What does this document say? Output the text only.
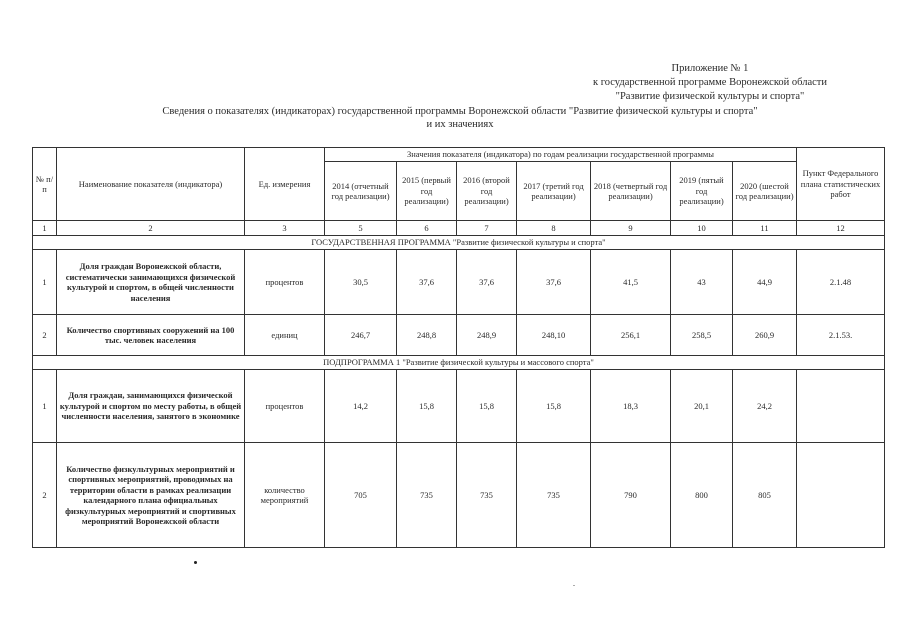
Приложение № 1
к государственной программе Воронежской области
"Развитие физической культуры и спорта"
Сведения о показателях (индикаторах) государственной программы Воронежской области "Развитие физической культуры и спорта"
и их значениях
№ п/п	Наименование показателя (индикатора)	Ед. измерения	Значения показателя (индикатора) по годам реализации государственной программы							Пункт Федерального плана статистических работ
			2014 (отчетный год реализации)	2015 (первый год реализации)	2016 (второй год реализации)	2017 (третий год реализации)	2018 (четвертый год реализации)	2019 (пятый год реализации)	2020 (шестой год реализации)	
1	2	3	5	6	7	8	9	10	11	12
ГОСУДАРСТВЕННАЯ ПРОГРАММА "Развитие физической культуры и спорта"										
1	Доля граждан Воронежской области, систематически занимающихся физической культурой и спортом, в общей численности населения	процентов	30,5	37,6	37,6	37,6	41,5	43	44,9	2.1.48
2	Количество спортивных сооружений на 100 тыс. человек населения	единиц	246,7	248,8	248,9	248,10	256,1	258,5	260,9	2.1.53.
ПОДПРОГРАММА 1 "Развитие физической культуры и массового спорта"										
1	Доля граждан, занимающихся физической культурой и спортом по месту работы, в общей численности населения, занятого в экономике	процентов	14,2	15,8	15,8	15,8	18,3	20,1	24,2	
2	Количество физкультурных мероприятий и спортивных мероприятий, проводимых на территории области в рамках реализации календарного плана официальных физкультурных мероприятий и спортивных мероприятий Воронежской области	количество мероприятий	705	735	735	735	790	800	805	
